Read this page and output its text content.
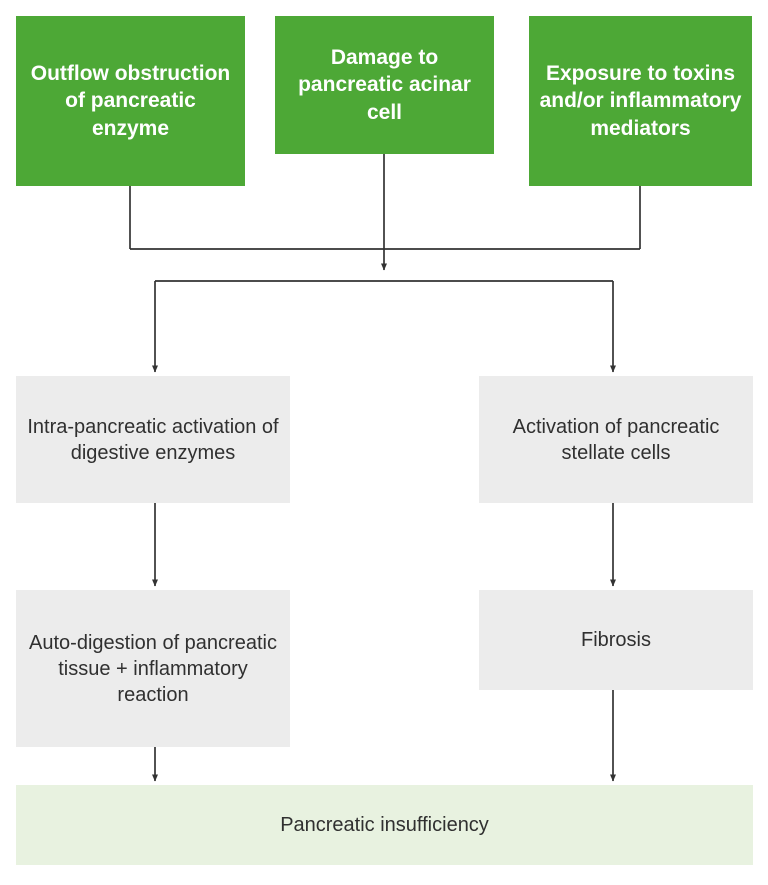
Outflow obstruction of pancreatic enzyme
Damage to pancreatic acinar cell
Exposure to toxins and/or inflammatory mediators
Intra-pancreatic activation of digestive enzymes
Activation of pancreatic stellate cells
Auto-digestion of pancreatic tissue + inflammatory reaction
Fibrosis
Pancreatic insufficiency
